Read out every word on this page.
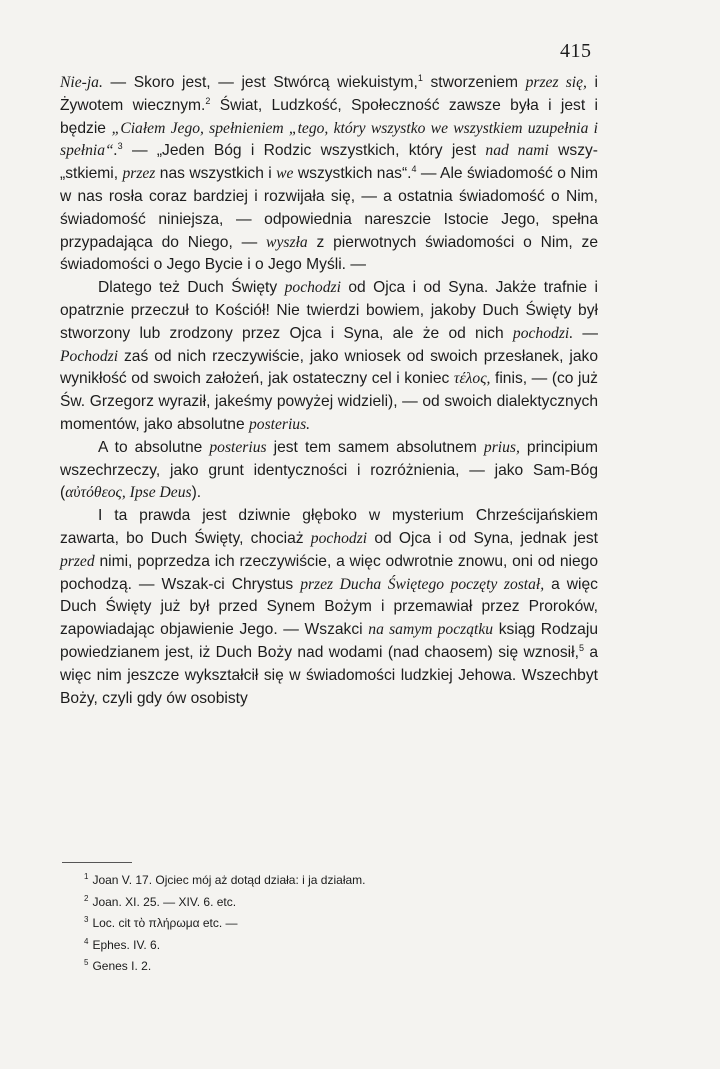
415

Nie-ja. — Skoro jest, — jest Stwórcą wiekuistym,$^1$ stworzeniem przez się, i Żywotem wiecznym.$^2$ Świat, Ludzkość, Społeczność zawsze była i jest i będzie „Ciałem Jego, spełnieniem „tego, który wszystko we wszystkiem uzupełnia i spełnia“.$^3$ — „Jeden Bóg i Rodzic wszystkich, który jest nad nami wszy-„stkiemi, przez nas wszystkich i we wszystkich nas“.$^4$ — Ale świadomość o Nim w nas rosła coraz bardziej i rozwijała się, — a ostatnia świadomość o Nim, świadomość niniejsza, — odpowiednia nareszcie Istocie Jego, spełna przypadająca do Niego, — wyszła z pierwotnych świadomości o Nim, ze świadomości o Jego Bycie i o Jego Myśli. —

Dlatego też Duch Święty pochodzi od Ojca i od Syna. Jakże trafnie i opatrznie przeczuł to Kościół! Nie twierdzi bowiem, jakoby Duch Święty był stworzony lub zrodzony przez Ojca i Syna, ale że od nich pochodzi. — Pochodzi zaś od nich rzeczywiście, jako wniosek od swoich przesłanek, jako wynikłość od swoich założeń, jak ostateczny cel i koniec τέλος, finis, — (co już Św. Grzegorz wyraził, jakeśmy powyżej widzieli), — od swoich dialektycznych momentów, jako absolutne posterius.

A to absolutne posterius jest tem samem absolutnem prius, principium wszechrzeczy, jako grunt identyczności i rozróżnienia, — jako Sam-Bóg (αὐτόθεος, Ipse Deus).

I ta prawda jest dziwnie głęboko w mysterium Chrześcijańskiem zawarta, bo Duch Święty, chociaż pochodzi od Ojca i od Syna, jednak jest przed nimi, poprzedza ich rzeczywiście, a więc odwrotnie znowu, oni od niego pochodzą. — Wszak-ci Chrystus przez Ducha Świętego poczęty został, a więc Duch Święty już był przed Synem Bożym i przemawiał przez Proroków, zapowiadając objawienie Jego. — Wszakci na samym początku ksiąg Rodzaju powiedzianem jest, iż Duch Boży nad wodami (nad chaosem) się wznosił,$^5$ a więc nim jeszcze wykształcił się w świadomości ludzkiej Jehowa. Wszechbyt Boży, czyli gdy ów osobisty

$^1$ Joan V. 17. Ojciec mój aż dotąd działa: i ja działam.
$^2$ Joan. XI. 25. — XIV. 6. etc.
$^3$ Loc. cit τὸ πλήρωμα etc. —
$^4$ Ephes. IV. 6.
$^5$ Genes I. 2.
